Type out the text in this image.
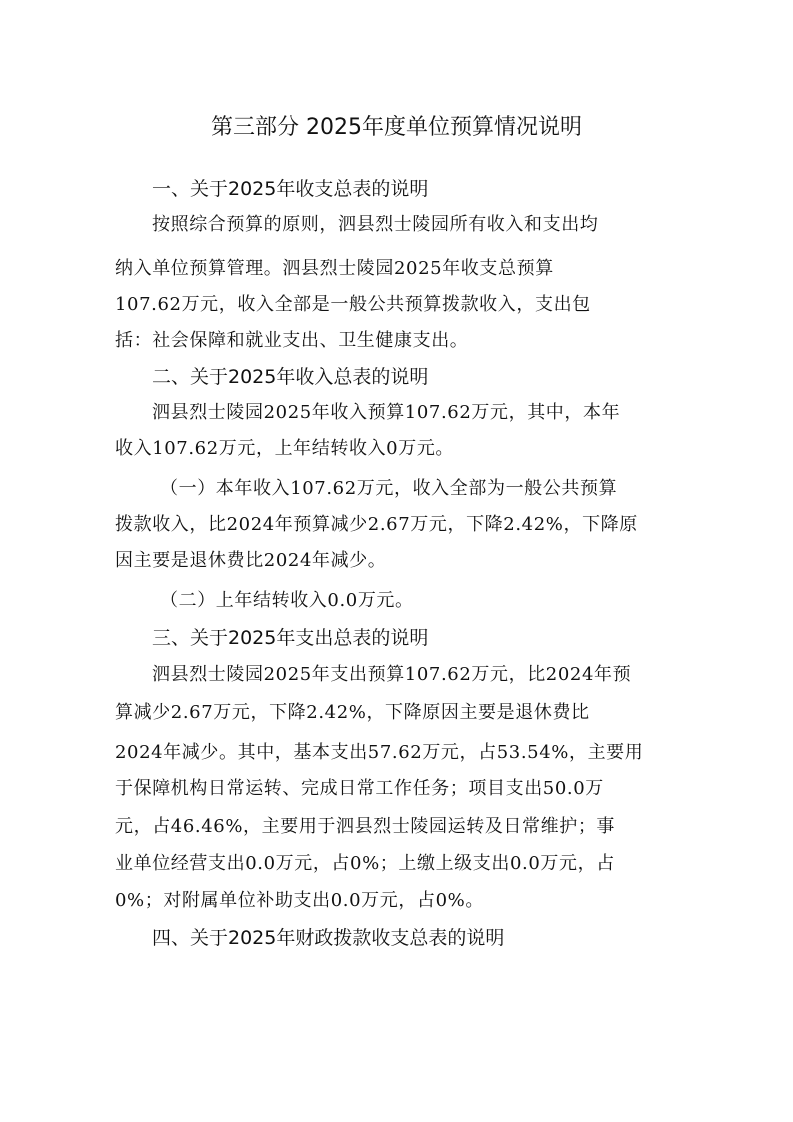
第三部分 2025年度单位预算情况说明
一、关于2025年收支总表的说明
按照综合预算的原则，泗县烈士陵园所有收入和支出均
纳入单位预算管理。泗县烈士陵园2025年收支总预算
107.62万元，收入全部是一般公共预算拨款收入，支出包
括：社会保障和就业支出、卫生健康支出。
二、关于2025年收入总表的说明
泗县烈士陵园2025年收入预算107.62万元，其中，本年
收入107.62万元，上年结转收入0万元。
（一）本年收入107.62万元，收入全部为一般公共预算
拨款收入，比2024年预算减少2.67万元，下降2.42%，下降原
因主要是退休费比2024年减少。
（二）上年结转收入0.0万元。
三、关于2025年支出总表的说明
泗县烈士陵园2025年支出预算107.62万元，比2024年预
算减少2.67万元，下降2.42%，下降原因主要是退休费比
2024年减少。其中，基本支出57.62万元，占53.54%，主要用
于保障机构日常运转、完成日常工作任务；项目支出50.0万
元，占46.46%，主要用于泗县烈士陵园运转及日常维护；事
业单位经营支出0.0万元，占0%；上缴上级支出0.0万元，占
0%；对附属单位补助支出0.0万元，占0%。
四、关于2025年财政拨款收支总表的说明
